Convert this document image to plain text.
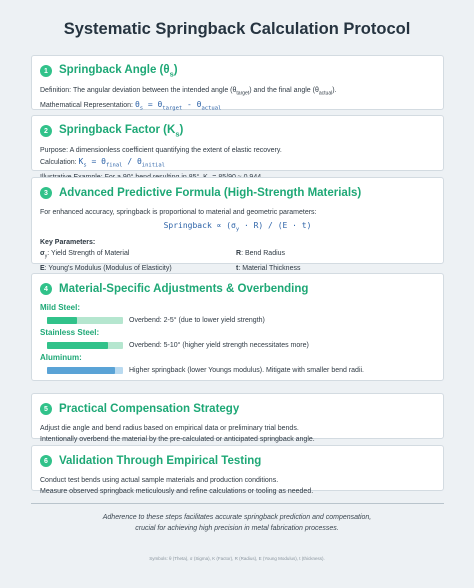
Systematic Springback Calculation Protocol
1 Springback Angle $(\theta_s)$
Definition: The angular deviation between the intended angle $(\theta_{target})$ and the final angle $(\theta_{actual})$.
Mathematical Representation: $\theta_s = \theta_{target} - \theta_{actual}$
2 Springback Factor $(K_s)$
Purpose: A dimensionless coefficient quantifying the extent of elastic recovery.
Calculation: $K_s = \theta_{final} / \theta_{initial}$
3 Advanced Predictive Formula (High-Strength Materials)
For enhanced accuracy, springback is proportional to material and geometric parameters:
Springback ∝ $(\sigma_y \cdot R) / (E \cdot t)$
Key Parameters:
$\sigma_y$: Yield Strength of Material	R: Bend Radius
E: Young's Modulus (Modulus of Elasticity)	t: Material Thickness
4 Material-Specific Adjustments & Overbending
Mild Steel:
Overbend: 2-5° (due to lower yield strength)
Stainless Steel:
Overbend: 5-10° (higher yield strength necessitates more)
Aluminum:
Higher springback (lower Youngs modulus). Mitigate with smaller bend radii.
5 Practical Compensation Strategy
Adjust die angle and bend radius based on empirical data or preliminary trial bends.
Intentionally overbend the material by the pre-calculated or anticipated springback angle.
6 Validation Through Empirical Testing
Conduct test bends using actual sample materials and production conditions.
Measure observed springback meticulously and refine calculations or tooling as needed.
Adherence to these steps facilitates accurate springback prediction and compensation,
crucial for achieving high precision in metal fabrication processes.
Symbols: θ (Theta), σ (Sigma), K (Factor), R (Radius), E (Young Modulus), t (thickness).
